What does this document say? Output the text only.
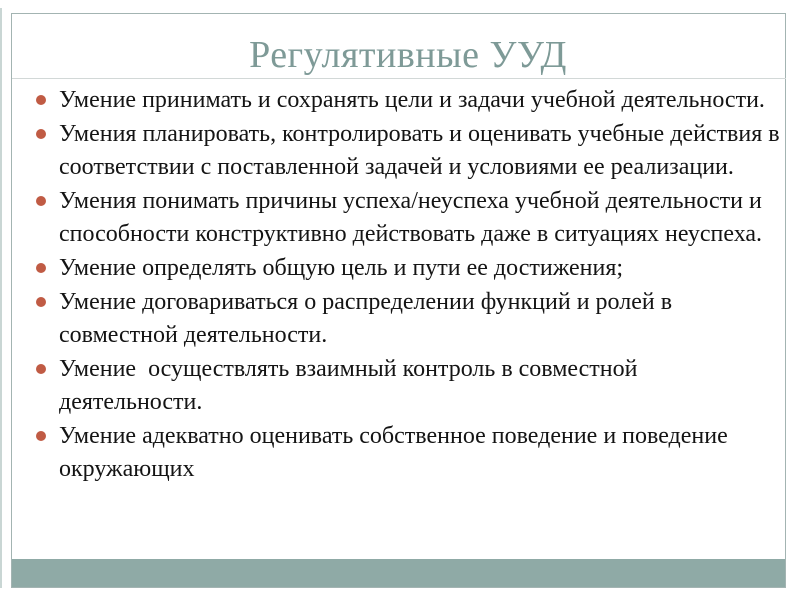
Регулятивные УУД
Умение принимать и сохранять цели и задачи учебной деятельности.
Умения планировать, контролировать и оценивать учебные действия в соответствии с поставленной задачей и условиями ее реализации.
Умения понимать причины успеха/неуспеха учебной деятельности и способности конструктивно действовать даже в ситуациях неуспеха.
Умение определять общую цель и пути ее достижения;
Умение договариваться о распределении функций и ролей в совместной деятельности.
Умение  осуществлять взаимный контроль в совместной деятельности.
Умение адекватно оценивать собственное поведение и поведение окружающих
